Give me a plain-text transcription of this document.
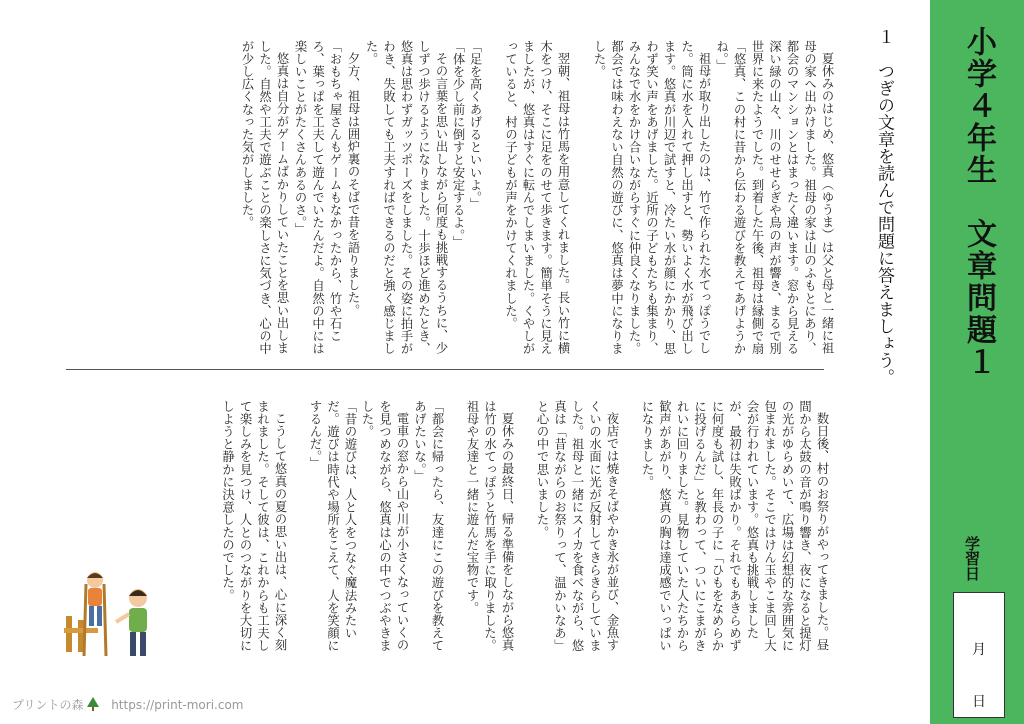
小学４年生　文章問題１
学習日
月
日
１ つぎの文章を読んで問題に答えましょう。
夏休みのはじめ、悠真（ゆうま）は父と母と一緒に祖母の家へ出かけました。祖母の家は山のふもとにあり、都会のマンションとはまったく違います。窓から見える深い緑の山々、川のせせらぎや鳥の声が響き、まるで別世界に来たようでした。到着した午後、祖母は縁側で扇
「悠真、この村に昔から伝わる遊びを教えてあげようかね。」
祖母が取り出したのは、竹で作られた水てっぽうでした。筒に水を入れて押し出すと、勢いよく水が飛び出します。悠真が川辺で試すと、冷たい水が顔にかかり、思わず笑い声をあげました。近所の子どもたちも集まり、みんなで水をかけ合いながらすぐに仲良くなりました。都会では味わえない自然の遊びに、悠真は夢中になりました。
翌朝、祖母は竹馬を用意してくれました。長い竹に横木をつけ、そこに足をのせて歩きます。簡単そうに見えましたが、悠真はすぐに転んでしまいました。くやしがっていると、村の子どもが声をかけてくれました。
「足を高くあげるといいよ。」
「体を少し前に倒すと安定するよ。」
その言葉を思い出しながら何度も挑戦するうちに、少しずつ歩けるようになりました。十歩ほど進めたとき、悠真は思わずガッツポーズをしました。その姿に拍手がわき、失敗しても工夫すればできるのだと強く感じました。
夕方、祖母は囲炉裏のそばで昔を語りました。
「おもちゃ屋さんもゲームもなかったから、竹や石ころ、葉っぱを工夫して遊んでいたんだよ。自然の中には楽しいことがたくさんあるのさ。」
悠真は自分がゲームばかりしていたことを思い出しました。自然や工夫で遊ぶことの楽しさに気づき、心の中が少し広くなった気がしました。
数日後、村のお祭りがやってきました。昼間から太鼓の音が鳴り響き、夜になると提灯の光がゆらめいて、広場は幻想的な雰囲気に包まれました。そこではけん玉やこま回し大会が行われています。悠真も挑戦しましたが、最初は失敗ばかり。それでもあきらめずに何度も試し、年長の子に「ひもをなめらかに投げるんだ」と教わって、ついにこまがきれいに回りました。見物していた人たちから歓声があがり、悠真の胸は達成感でいっぱいになりました。
夜店では焼きそばやかき氷が並び、金魚すくいの水面に光が反射してきらきらしていました。祖母と一緒にスイカを食べながら、悠真は「昔ながらのお祭りって、温かいなあ」と心の中で思いました。
夏休みの最終日、帰る準備をしながら悠真は竹の水てっぽうと竹馬を手に取りました。祖母や友達と一緒に遊んだ宝物です。
「都会に帰ったら、友達にこの遊びを教えてあげたいな。」
電車の窓から山や川が小さくなっていくのを見つめながら、悠真は心の中でつぶやきました。
「昔の遊びは、人と人をつなぐ魔法みたいだ。遊びは時代や場所をこえて、人を笑顔にするんだ。」
こうして悠真の夏の思い出は、心に深く刻まれました。そして彼は、これからも工夫して楽しみを見つけ、人とのつながりを大切にしようと静かに決意したのでした。
プリントの森 https://print-mori.com
